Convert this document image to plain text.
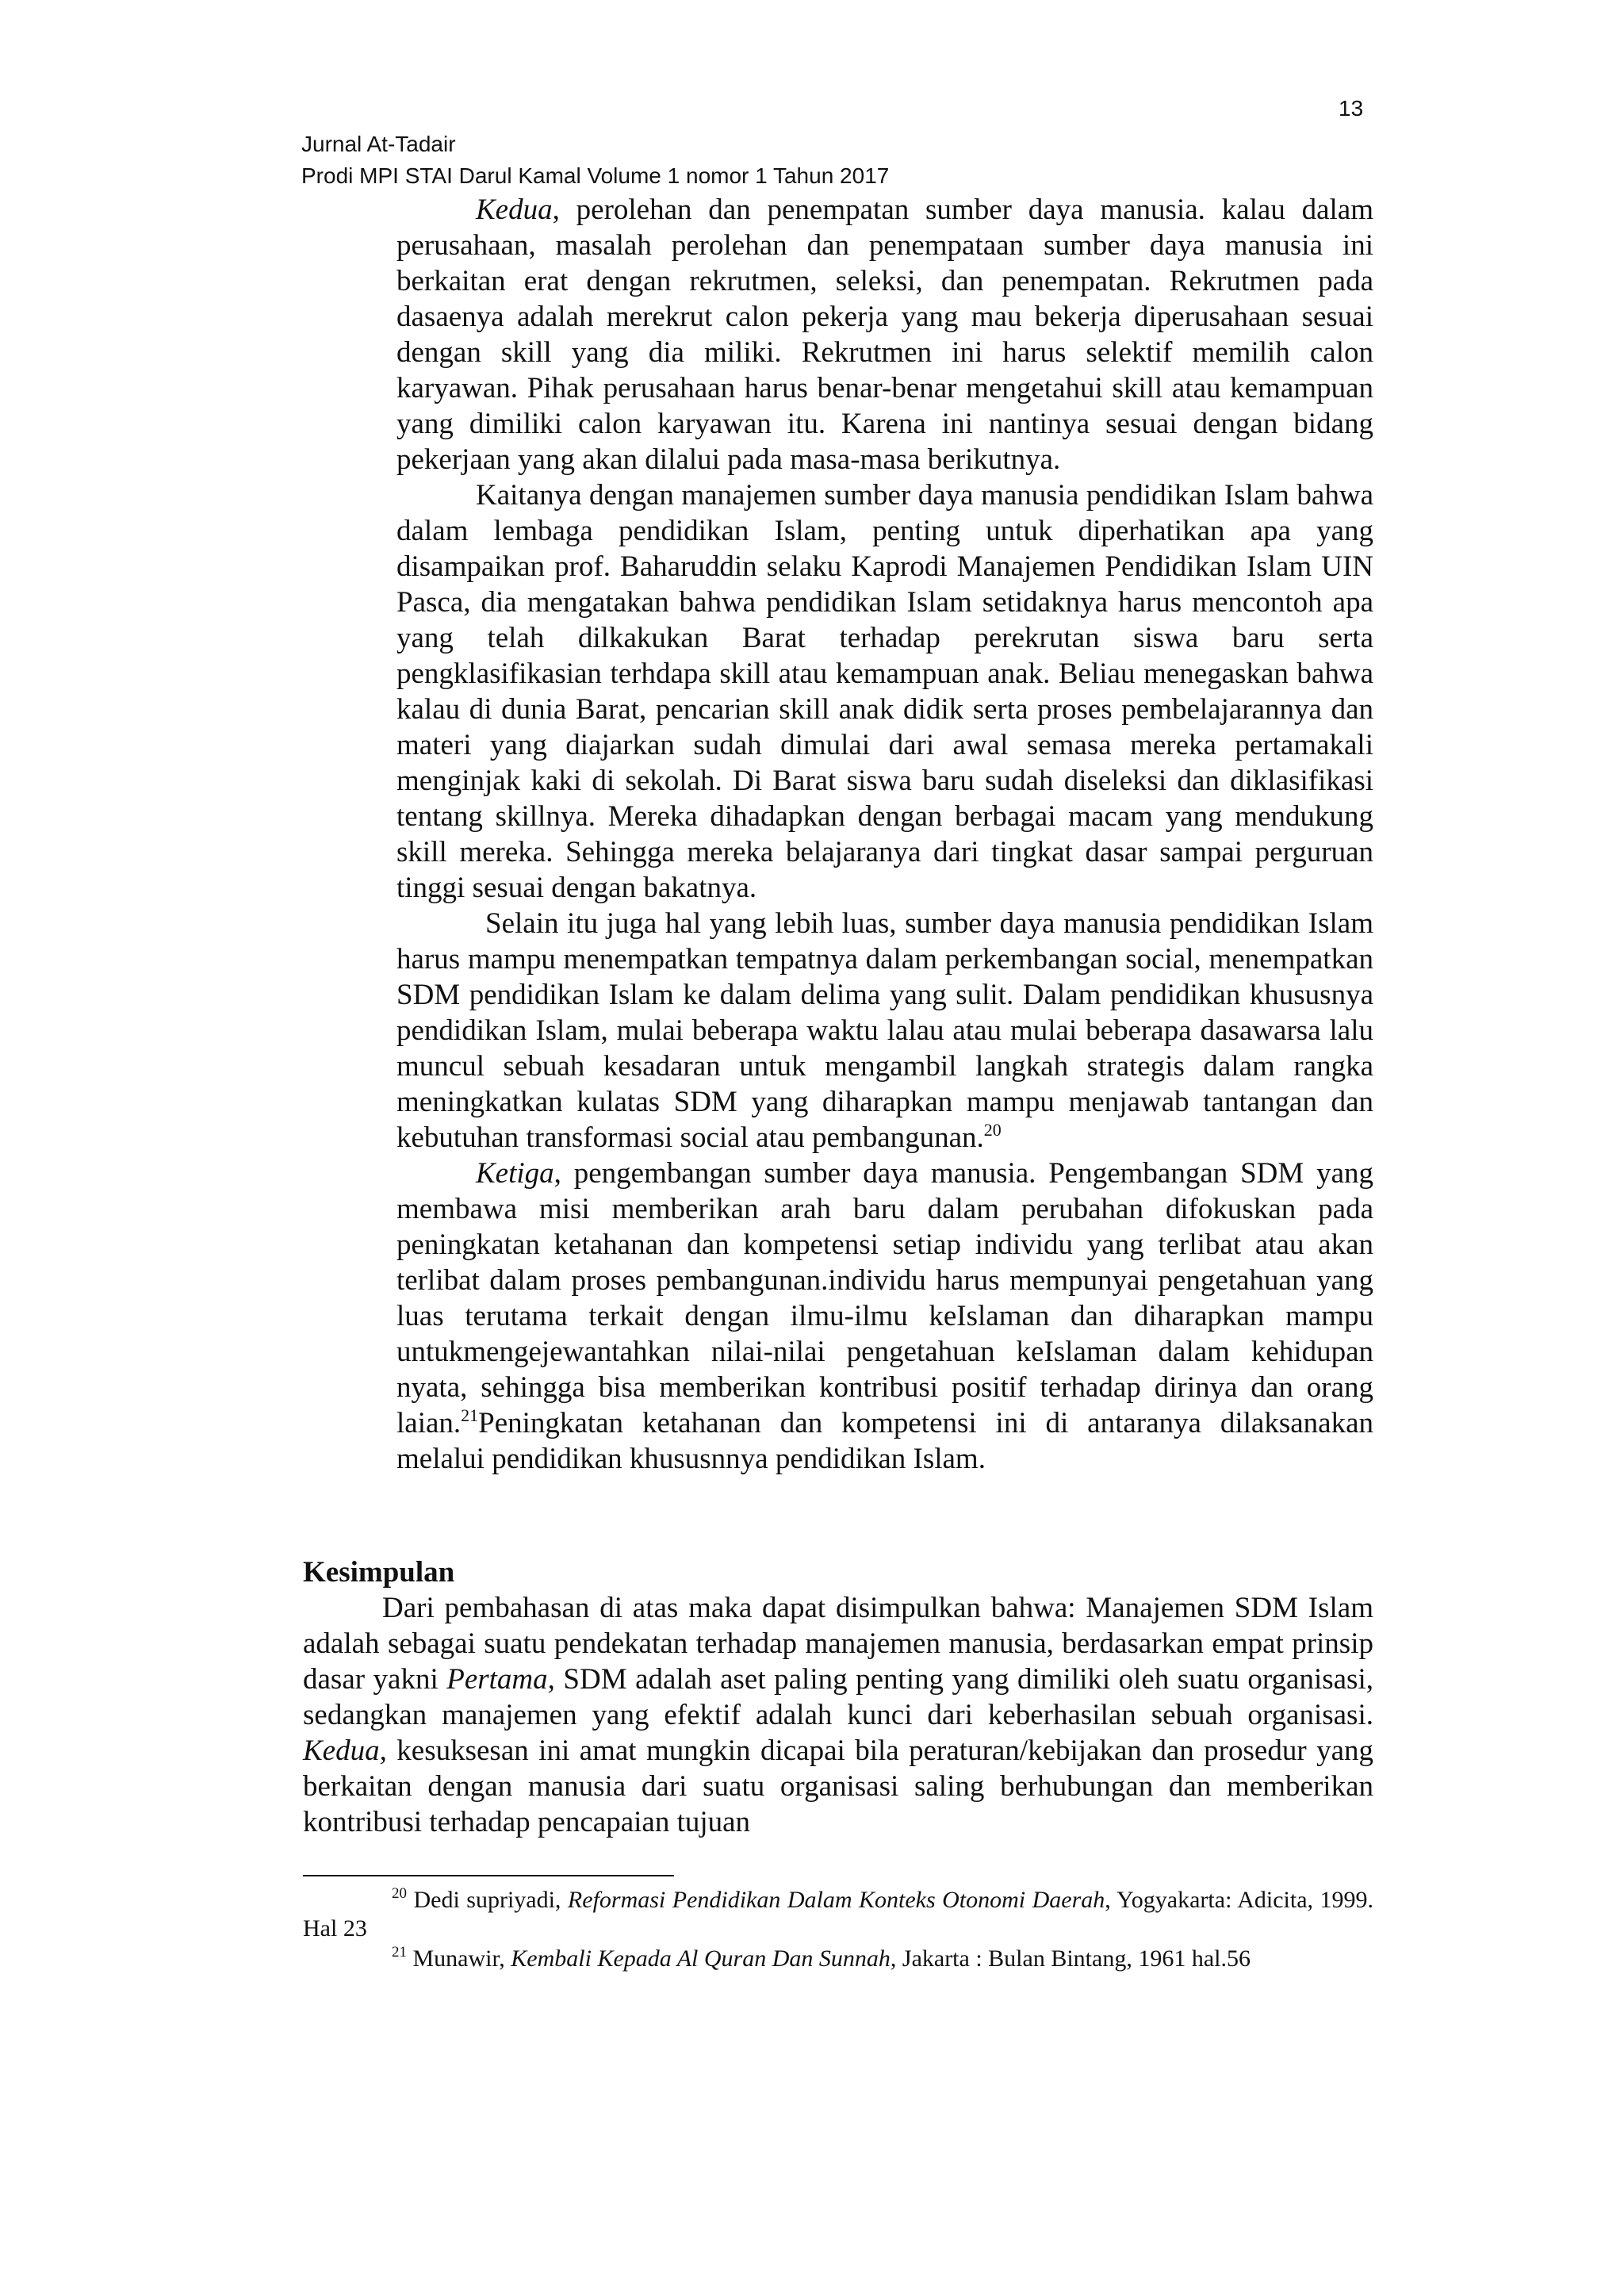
13
Jurnal At-Tadair
Prodi MPI STAI Darul Kamal Volume 1 nomor 1 Tahun 2017

Kedua, perolehan dan penempatan sumber daya manusia. kalau dalam perusahaan, masalah perolehan dan penempataan sumber daya manusia ini berkaitan erat dengan rekrutmen, seleksi, dan penempatan. Rekrutmen pada dasaenya adalah merekrut calon pekerja yang mau bekerja diperusahaan sesuai dengan skill yang dia miliki. Rekrutmen ini harus selektif memilih calon karyawan. Pihak perusahaan harus benar-benar mengetahui skill atau kemampuan yang dimiliki calon karyawan itu. Karena ini nantinya sesuai dengan bidang pekerjaan yang akan dilalui pada masa-masa berikutnya.

Kaitanya dengan manajemen sumber daya manusia pendidikan Islam bahwa dalam lembaga pendidikan Islam, penting untuk diperhatikan apa yang disampaikan prof. Baharuddin selaku Kaprodi Manajemen Pendidikan Islam UIN Pasca, dia mengatakan bahwa pendidikan Islam setidaknya harus mencontoh apa yang telah dilkakukan Barat terhadap perekrutan siswa baru serta pengklasifikasian terhdapa skill atau kemampuan anak. Beliau menegaskan bahwa kalau di dunia Barat, pencarian skill anak didik serta proses pembelajarannya dan materi yang diajarkan sudah dimulai dari awal semasa mereka pertamakali menginjak kaki di sekolah. Di Barat siswa baru sudah diseleksi dan diklasifikasi tentang skillnya. Mereka dihadapkan dengan berbagai macam yang mendukung skill mereka. Sehingga mereka belajaranya dari tingkat dasar sampai perguruan tinggi sesuai dengan bakatnya.

Selain itu juga hal yang lebih luas, sumber daya manusia pendidikan Islam harus mampu menempatkan tempatnya dalam perkembangan social, menempatkan SDM pendidikan Islam ke dalam delima yang sulit. Dalam pendidikan khususnya pendidikan Islam, mulai beberapa waktu lalau atau mulai beberapa dasawarsa lalu muncul sebuah kesadaran untuk mengambil langkah strategis dalam rangka meningkatkan kulatas SDM yang diharapkan mampu menjawab tantangan dan kebutuhan transformasi social atau pembangunan.$^{20}$

Ketiga, pengembangan sumber daya manusia. Pengembangan SDM yang membawa misi memberikan arah baru dalam perubahan difokuskan pada peningkatan ketahanan dan kompetensi setiap individu yang terlibat atau akan terlibat dalam proses pembangunan.individu harus mempunyai pengetahuan yang luas terutama terkait dengan ilmu-ilmu keIslaman dan diharapkan mampu untukmengejewantahkan nilai-nilai pengetahuan keIslaman dalam kehidupan nyata, sehingga bisa memberikan kontribusi positif terhadap dirinya dan orang laian.$^{21}$Peningkatan ketahanan dan kompetensi ini di antaranya dilaksanakan melalui pendidikan khususnnya pendidikan Islam.

Kesimpulan

Dari pembahasan di atas maka dapat disimpulkan bahwa: Manajemen SDM Islam adalah sebagai suatu pendekatan terhadap manajemen manusia, berdasarkan empat prinsip dasar yakni Pertama, SDM adalah aset paling penting yang dimiliki oleh suatu organisasi, sedangkan manajemen yang efektif adalah kunci dari keberhasilan sebuah organisasi. Kedua, kesuksesan ini amat mungkin dicapai bila peraturan/kebijakan dan prosedur yang berkaitan dengan manusia dari suatu organisasi saling berhubungan dan memberikan kontribusi terhadap pencapaian tujuan

$^{20}$ Dedi supriyadi, Reformasi Pendidikan Dalam Konteks Otonomi Daerah, Yogyakarta: Adicita, 1999. Hal 23

$^{21}$ Munawir, Kembali Kepada Al Quran Dan Sunnah, Jakarta : Bulan Bintang, 1961 hal.56
